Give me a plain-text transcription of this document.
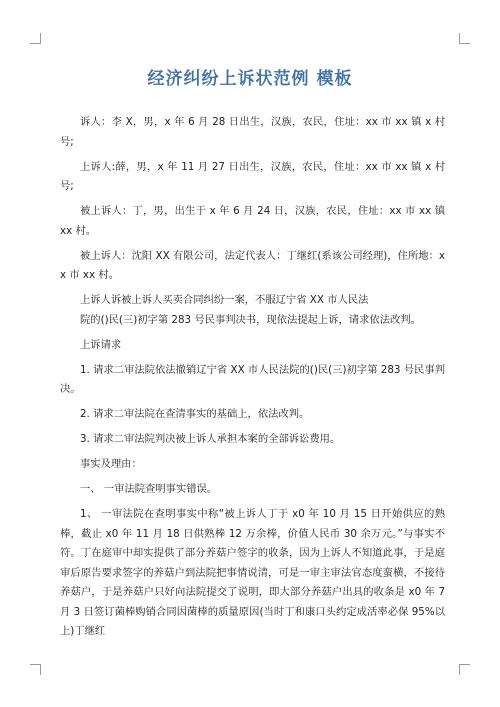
经济纠纷上诉状范例 模板

诉人：李 X，男，x 年 6 月 28 日出生，汉族，农民，住址：xx 市 xx 镇 x 村号;

上诉人:薛，男，x 年 11 月 27 日出生，汉族，农民，住址：xx 市 xx 镇 x 村号;

被上诉人：丁，男，出生于 x 年 6 月 24 日，汉族，农民，住址：xx 市 xx 镇 xx 村。

被上诉人：沈阳 XX 有限公司，法定代表人：丁继红(系该公司经理)，住所地：xx 市 xx 村。

上诉人诉被上诉人买卖合同纠纷一案，不服辽宁省 XX 市人民法

院的()民(三)初字第 283 号民事判决书，现依法提起上诉，请求依法改判。

上诉请求

1. 请求二审法院依法撤销辽宁省 XX 市人民法院的()民(三)初字第 283 号民事判决。

2. 请求二审法院在查清事实的基础上，依法改判。

3. 请求二审法院判决被上诉人承担本案的全部诉讼费用。

事实及理由：

一、 一审法院查明事实错误。

1、 一审法院在查明事实中称“被上诉人丁于 x0 年 10 月 15 日开始供应的熟棒，截止 x0 年 11 月 18 日供熟棒 12 万余棒，价值人民币 30 余万元。”与事实不符。丁在庭审中却实提供了部分养菇户签字的收条，因为上诉人不知道此事，于是庭审后原告要求签字的养菇户到法院把事情说清，可是一审主审法官态度蛮横，不接待养菇户，于是养菇户只好向法院提交了说明，即大部分养菇户出具的收条是 x0 年 7 月 3 日签订菌棒购销合同因菌棒的质量原因(当时丁和康口头约定成活率必保 95%以上)丁继红
